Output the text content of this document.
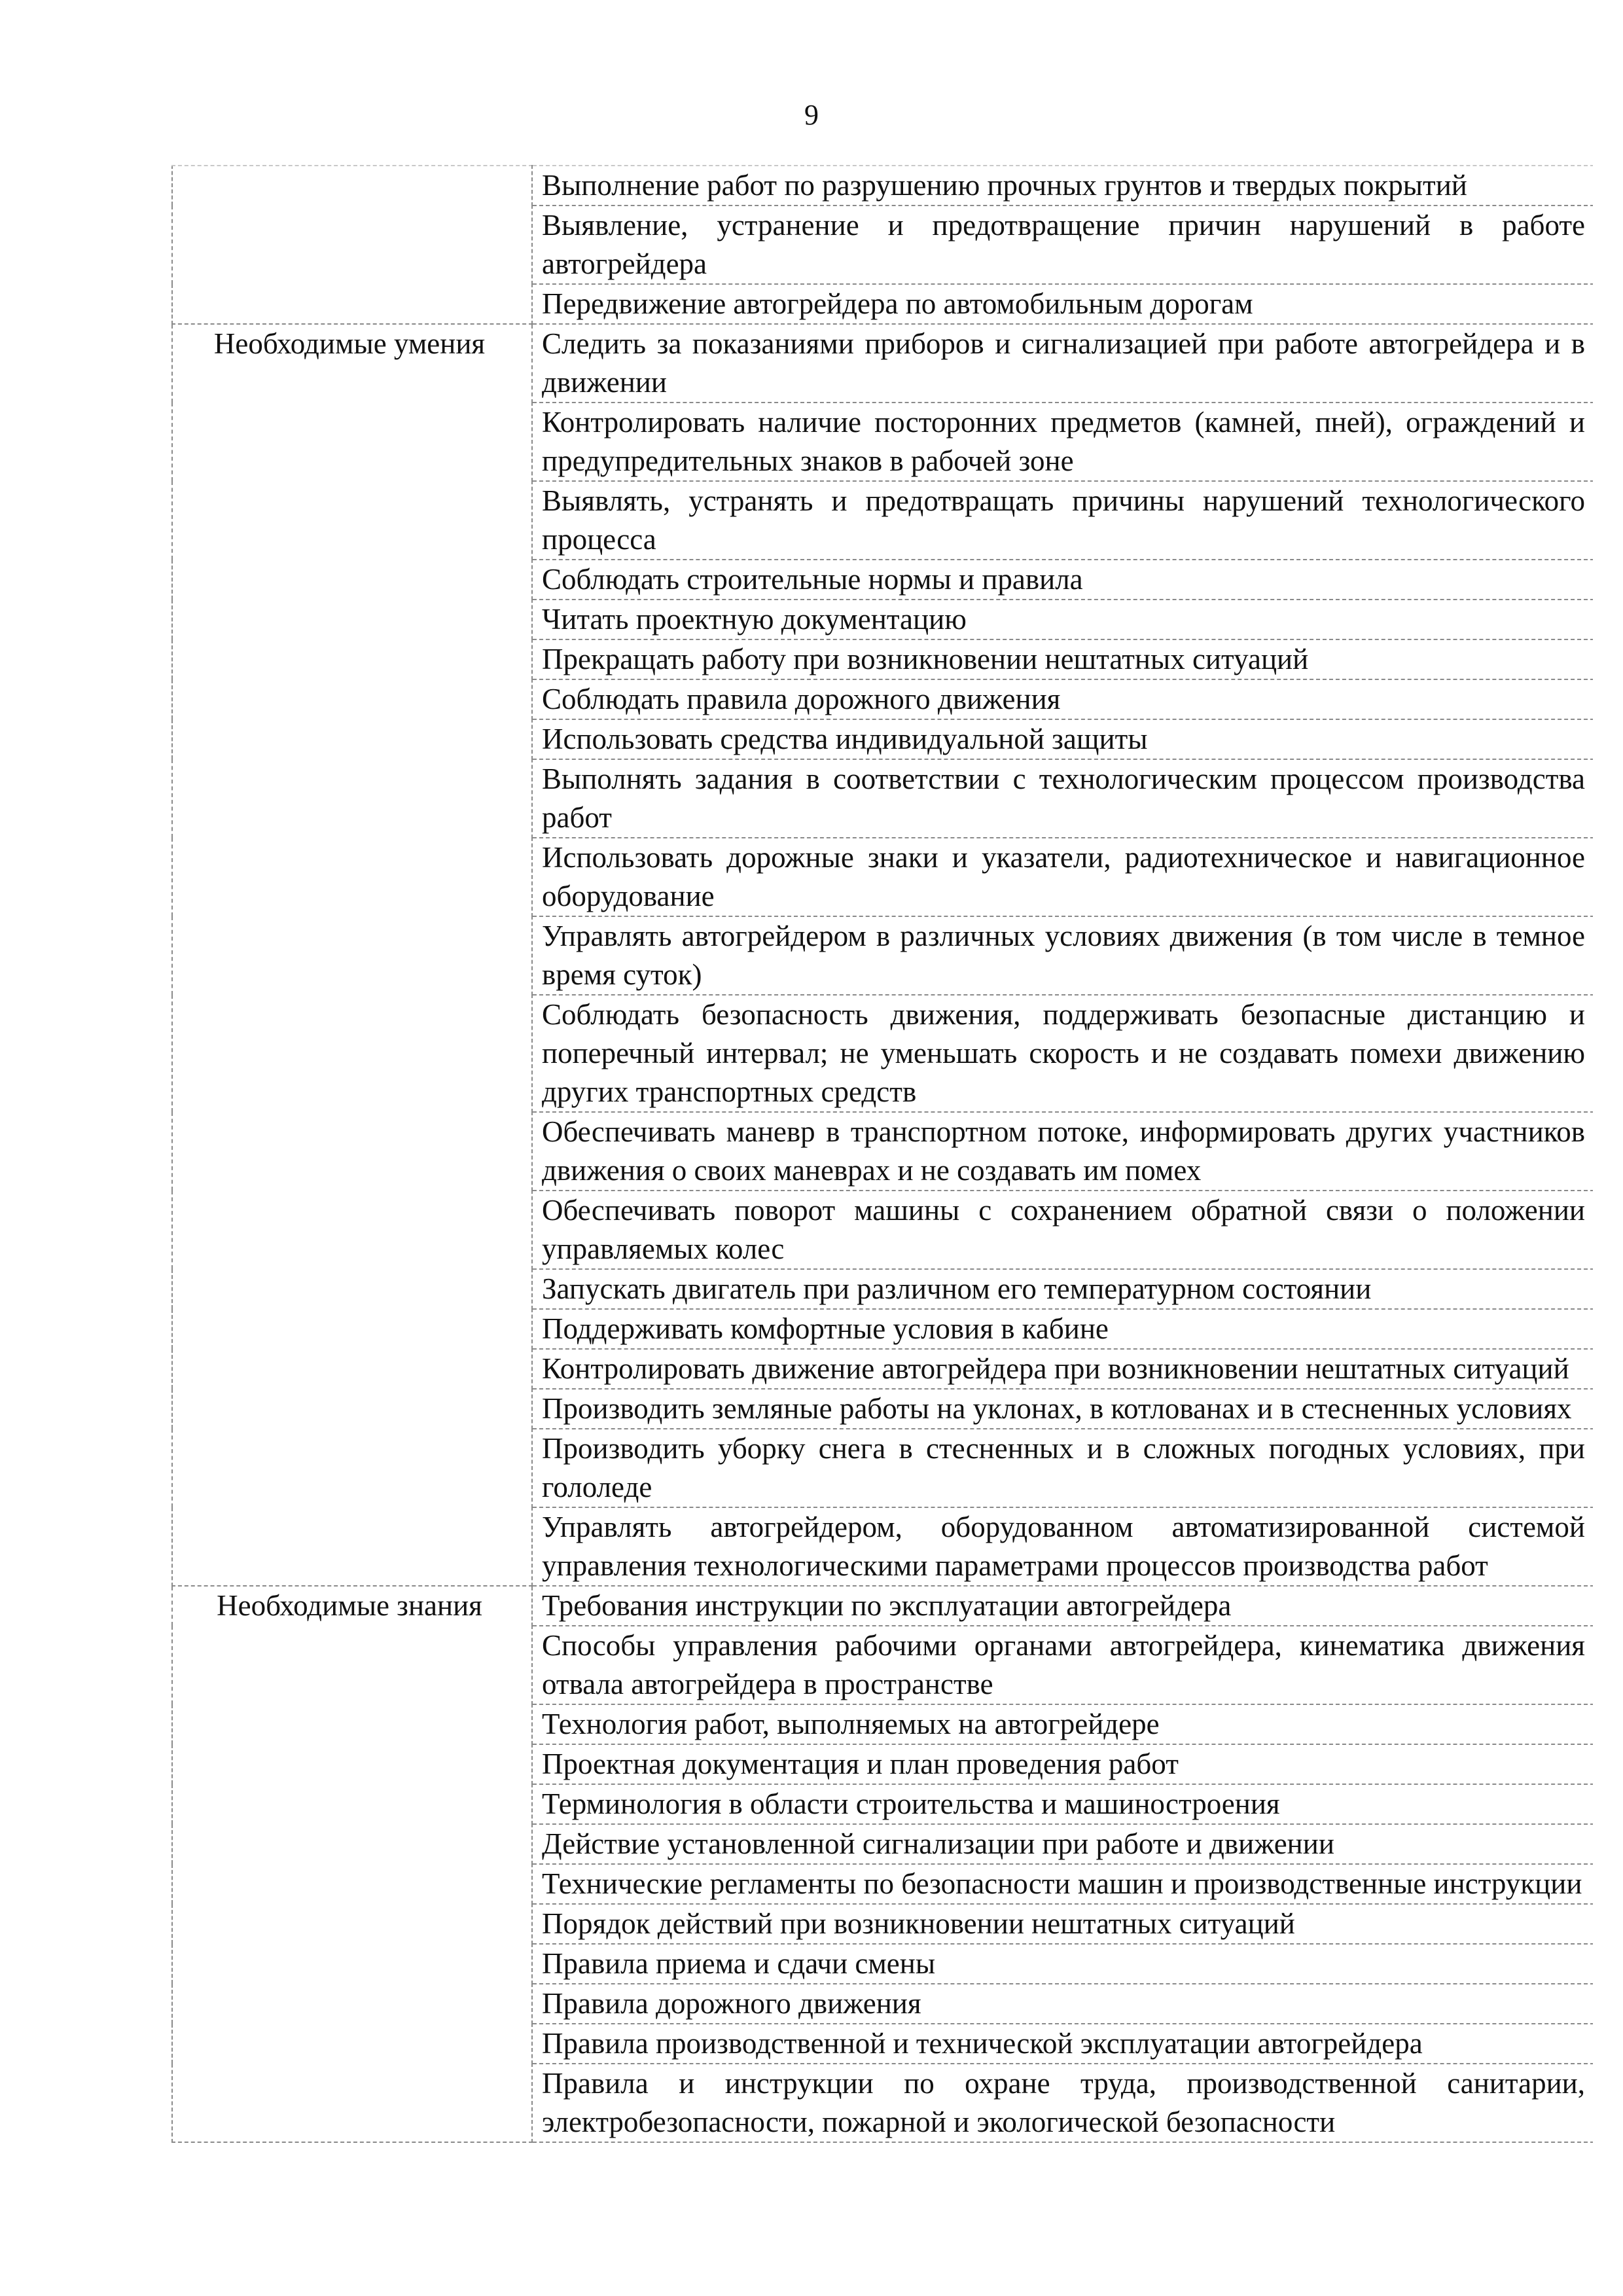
9
	Выполнение работ по разрушению прочных грунтов и твердых покрытий
	Выявление, устранение и предотвращение причин нарушений в работе автогрейдера
	Передвижение автогрейдера по автомобильным дорогам
Необходимые умения	Следить за показаниями приборов и сигнализацией при работе автогрейдера и в движении
	Контролировать наличие посторонних предметов (камней, пней), ограждений и предупредительных знаков в рабочей зоне
	Выявлять, устранять и предотвращать причины нарушений технологического процесса
	Соблюдать строительные нормы и правила
	Читать проектную документацию
	Прекращать работу при возникновении нештатных ситуаций
	Соблюдать правила дорожного движения
	Использовать средства индивидуальной защиты
	Выполнять задания в соответствии с технологическим процессом производства работ
	Использовать дорожные знаки и указатели, радиотехническое и навигационное оборудование
	Управлять автогрейдером в различных условиях движения (в том числе в темное время суток)
	Соблюдать безопасность движения, поддерживать безопасные дистанцию и поперечный интервал; не уменьшать скорость и не создавать помехи движению других транспортных средств
	Обеспечивать маневр в транспортном потоке, информировать других участников движения о своих маневрах и не создавать им помех
	Обеспечивать поворот машины с сохранением обратной связи о положении управляемых колес
	Запускать двигатель при различном его температурном состоянии
	Поддерживать комфортные условия в кабине
	Контролировать движение автогрейдера при возникновении нештатных ситуаций
	Производить земляные работы на уклонах, в котлованах и в стесненных условиях
	Производить уборку снега в стесненных и в сложных погодных условиях, при гололеде
	Управлять автогрейдером, оборудованном автоматизированной системой управления технологическими параметрами процессов производства работ
Необходимые знания	Требования инструкции по эксплуатации автогрейдера
	Способы управления рабочими органами автогрейдера, кинематика движения отвала автогрейдера в пространстве
	Технология работ, выполняемых на автогрейдере
	Проектная документация и план проведения работ
	Терминология в области строительства и машиностроения
	Действие установленной сигнализации при работе и движении
	Технические регламенты по безопасности машин и производственные инструкции
	Порядок действий при возникновении нештатных ситуаций
	Правила приема и сдачи смены
	Правила дорожного движения
	Правила производственной и технической эксплуатации автогрейдера
	Правила и инструкции по охране труда, производственной санитарии, электробезопасности, пожарной и экологической безопасности
